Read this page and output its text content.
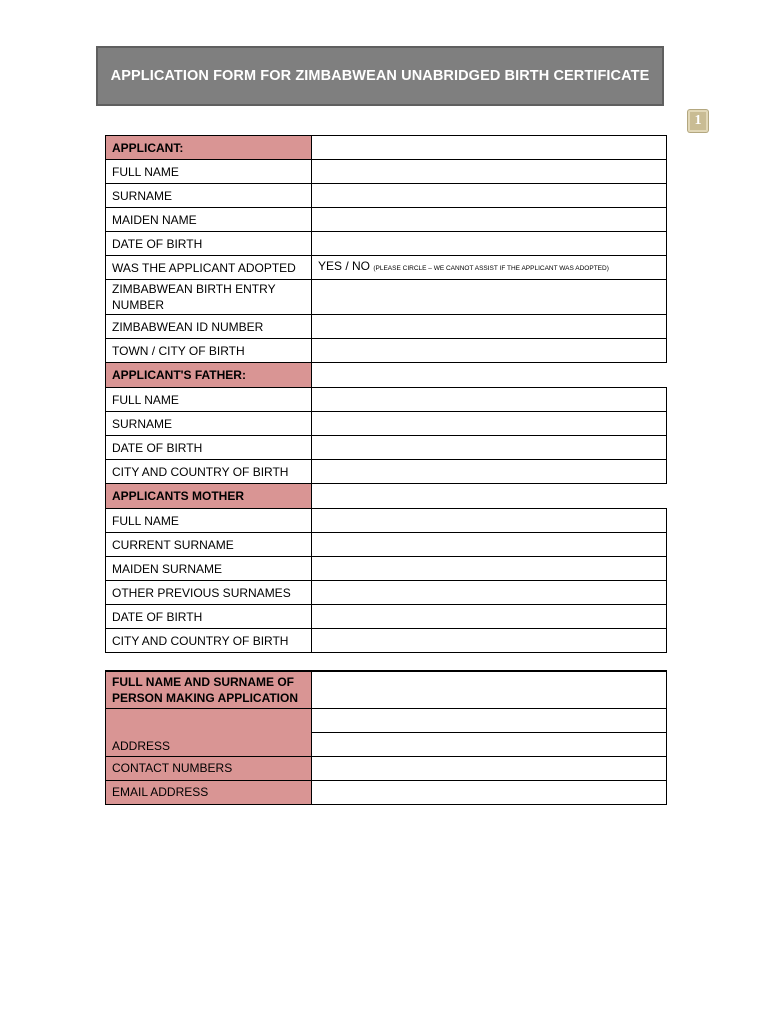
APPLICATION FORM FOR ZIMBABWEAN UNABRIDGED BIRTH CERTIFICATE
1
APPLICANT:	
FULL NAME	
SURNAME	
MAIDEN NAME	
DATE OF BIRTH	
WAS THE APPLICANT ADOPTED	YES / NO (PLEASE CIRCLE – WE CANNOT ASSIST IF THE APPLICANT WAS ADOPTED)
ZIMBABWEAN BIRTH ENTRY NUMBER	
ZIMBABWEAN ID NUMBER	
TOWN / CITY OF BIRTH	
APPLICANT'S FATHER:	
FULL NAME	
SURNAME	
DATE OF BIRTH	
CITY AND COUNTRY OF BIRTH	
APPLICANTS MOTHER	
FULL NAME	
CURRENT SURNAME	
MAIDEN SURNAME	
OTHER PREVIOUS SURNAMES	
DATE OF BIRTH	
CITY AND COUNTRY OF BIRTH	
FULL NAME AND SURNAME OF PERSON MAKING APPLICATION	
ADDRESS	

CONTACT NUMBERS	
EMAIL ADDRESS	
